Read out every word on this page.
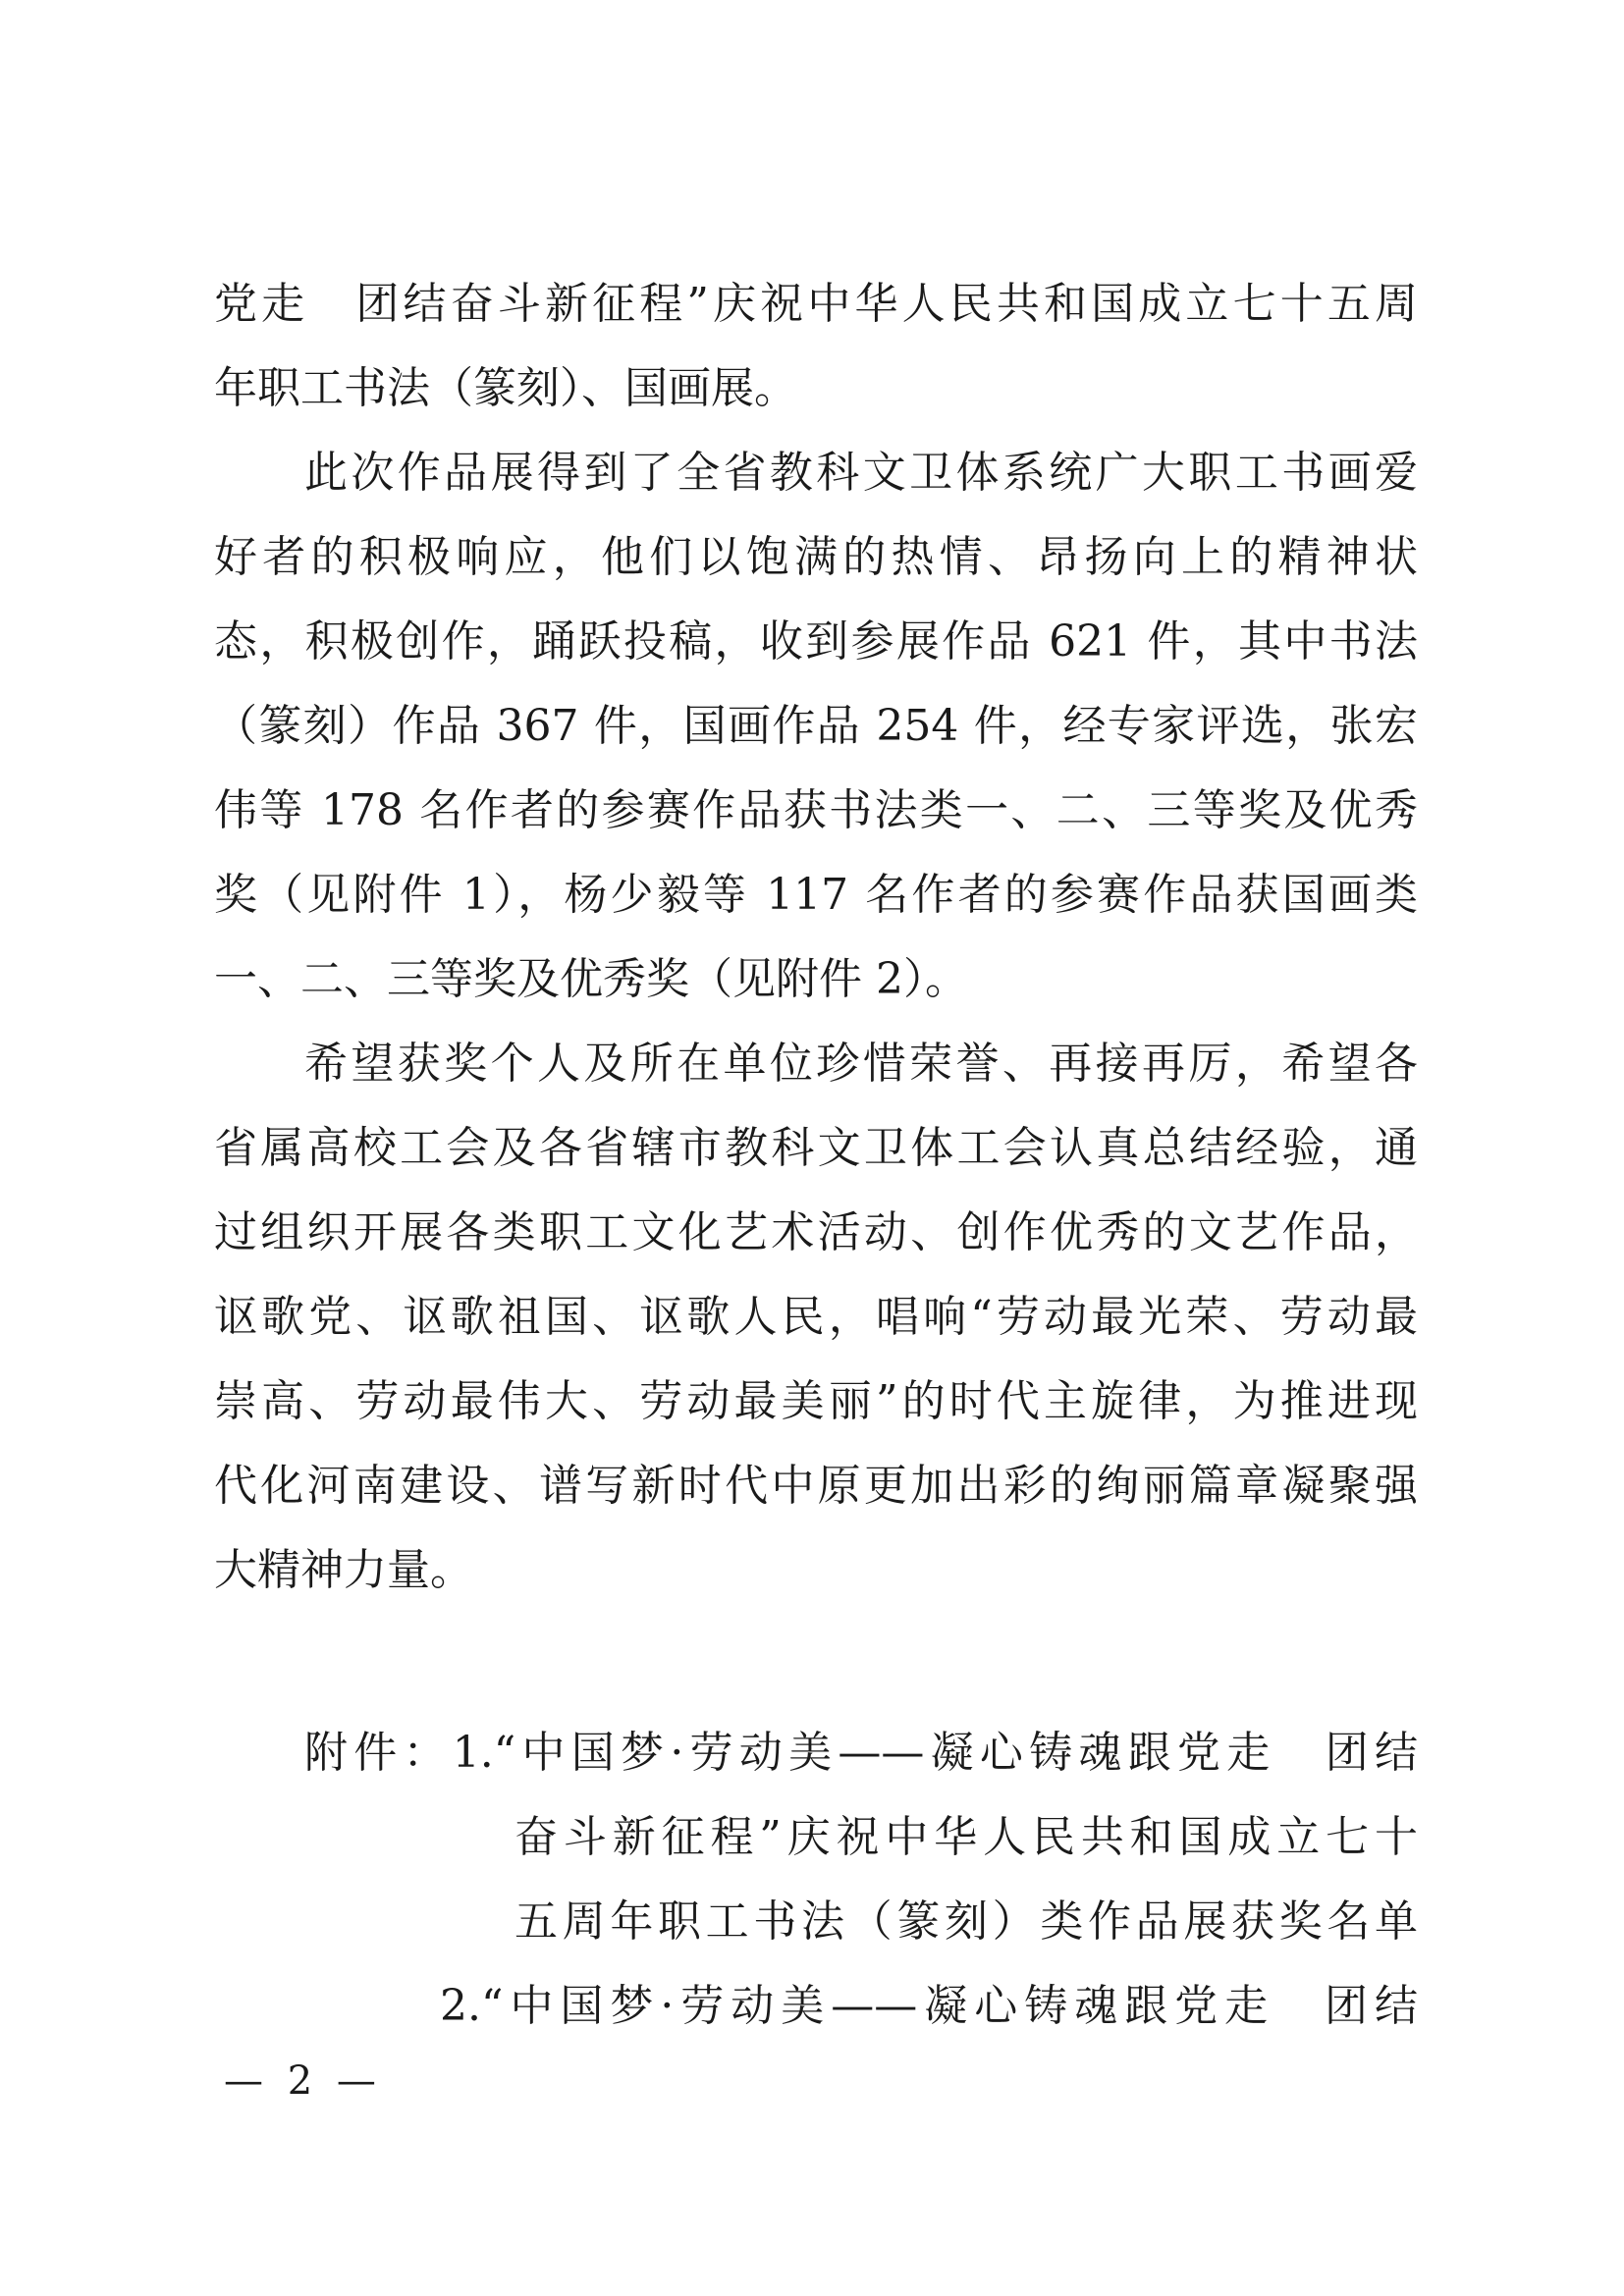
党走　团结奋斗新征程”庆祝中华人民共和国成立七十五周
年职工书法（篆刻）、国画展。
此次作品展得到了全省教科文卫体系统广大职工书画爱
好者的积极响应，他们以饱满的热情、昂扬向上的精神状
态，积极创作，踊跃投稿，收到参展作品 621 件，其中书法
（篆刻）作品 367 件，国画作品 254 件，经专家评选，张宏
伟等 178 名作者的参赛作品获书法类一、二、三等奖及优秀
奖（见附件 1），杨少毅等 117 名作者的参赛作品获国画类
一、二、三等奖及优秀奖（见附件 2）。
希望获奖个人及所在单位珍惜荣誉、再接再厉，希望各
省属高校工会及各省辖市教科文卫体工会认真总结经验，通
过组织开展各类职工文化艺术活动、创作优秀的文艺作品，
讴歌党、讴歌祖国、讴歌人民，唱响“劳动最光荣、劳动最
崇高、劳动最伟大、劳动最美丽”的时代主旋律，为推进现
代化河南建设、谱写新时代中原更加出彩的绚丽篇章凝聚强
大精神力量。
附件：1.“中国梦·劳动美——凝心铸魂跟党走　团结
奋斗新征程”庆祝中华人民共和国成立七十
五周年职工书法（篆刻）类作品展获奖名单
2.“中国梦·劳动美——凝心铸魂跟党走　团结
— 2 —
